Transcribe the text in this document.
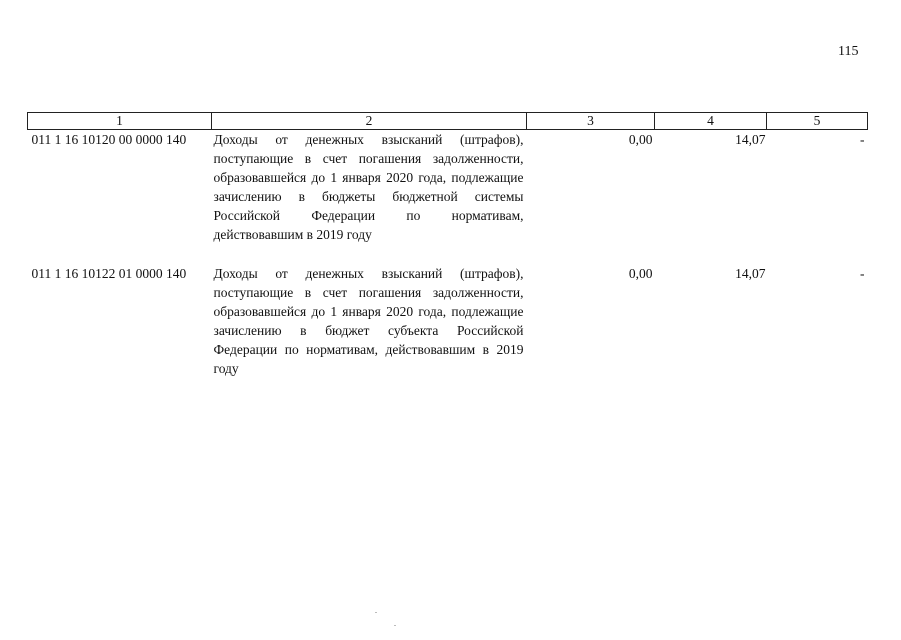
115
1	2	3	4	5
011 1 16 10120 00 0000 140	Доходы от денежных взысканий (штрафов), поступающие в счет погашения задолженности, образовавшейся до 1 января 2020 года, подлежащие зачислению в бюджеты бюджетной системы Российской Федерации по нормативам, действовавшим в 2019 году	0,00	14,07	-
011 1 16 10122 01 0000 140	Доходы от денежных взысканий (штрафов), поступающие в счет погашения задолженности, образовавшейся до 1 января 2020 года, подлежащие зачислению в бюджет субъекта Российской Федерации по нормативам, действовавшим в 2019 году	0,00	14,07	-
